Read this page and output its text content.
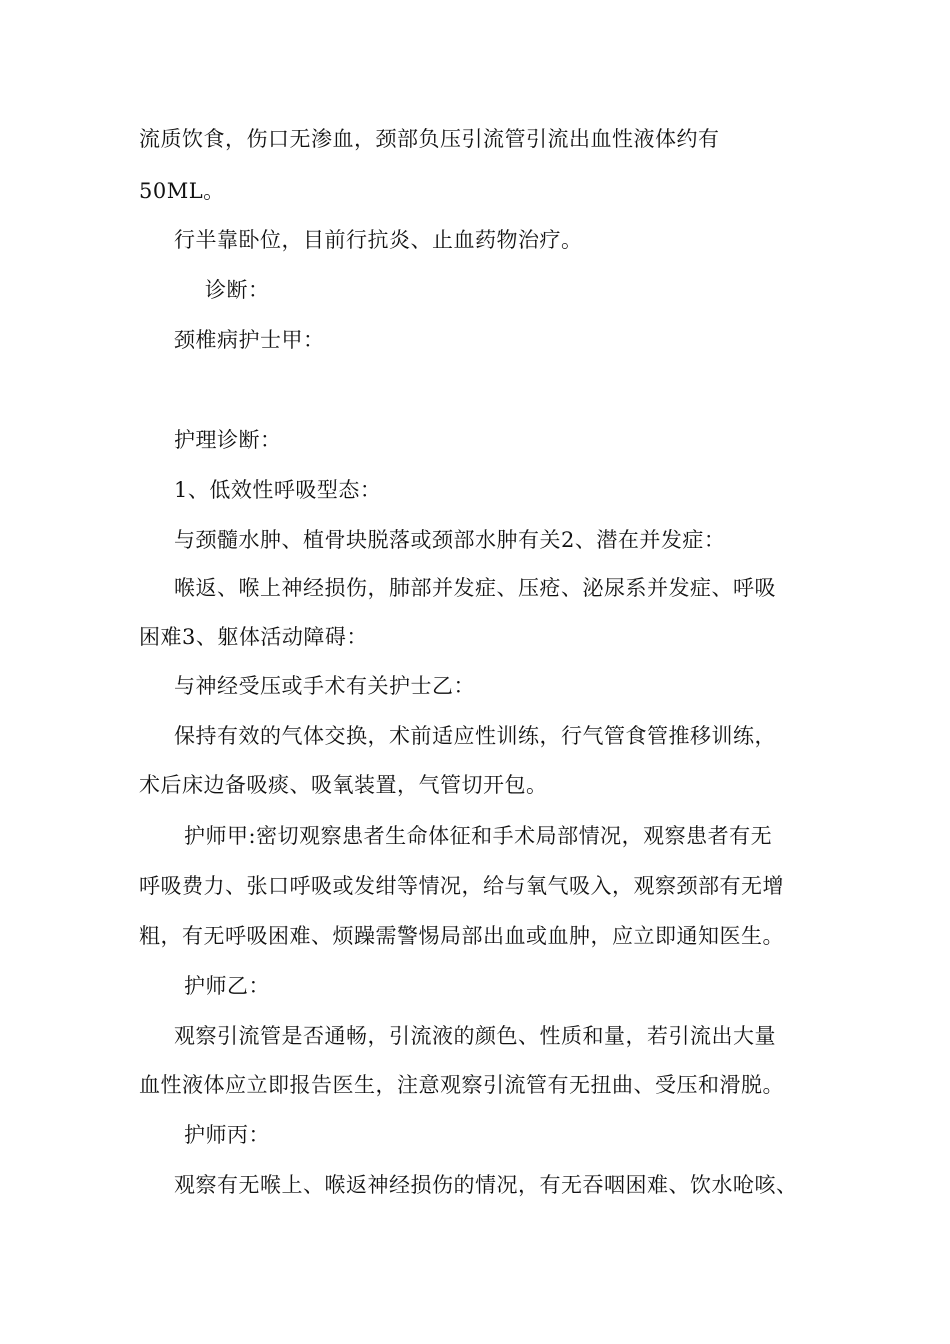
流质饮食，伤口无渗血，颈部负压引流管引流出血性液体约有
50ML。
行半靠卧位，目前行抗炎、止血药物治疗。
诊断：
颈椎病护士甲：
护理诊断：
1、低效性呼吸型态：
与颈髓水肿、植骨块脱落或颈部水肿有关2、潜在并发症：
喉返、喉上神经损伤，肺部并发症、压疮、泌尿系并发症、呼吸
困难3、躯体活动障碍：
与神经受压或手术有关护士乙：
保持有效的气体交换，术前适应性训练，行气管食管推移训练，
术后床边备吸痰、吸氧装置，气管切开包。
护师甲:密切观察患者生命体征和手术局部情况，观察患者有无
呼吸费力、张口呼吸或发绀等情况，给与氧气吸入，观察颈部有无增
粗，有无呼吸困难、烦躁需警惕局部出血或血肿，应立即通知医生。
护师乙：
观察引流管是否通畅，引流液的颜色、性质和量，若引流出大量
血性液体应立即报告医生，注意观察引流管有无扭曲、受压和滑脱。
护师丙：
观察有无喉上、喉返神经损伤的情况，有无吞咽困难、饮水呛咳、
